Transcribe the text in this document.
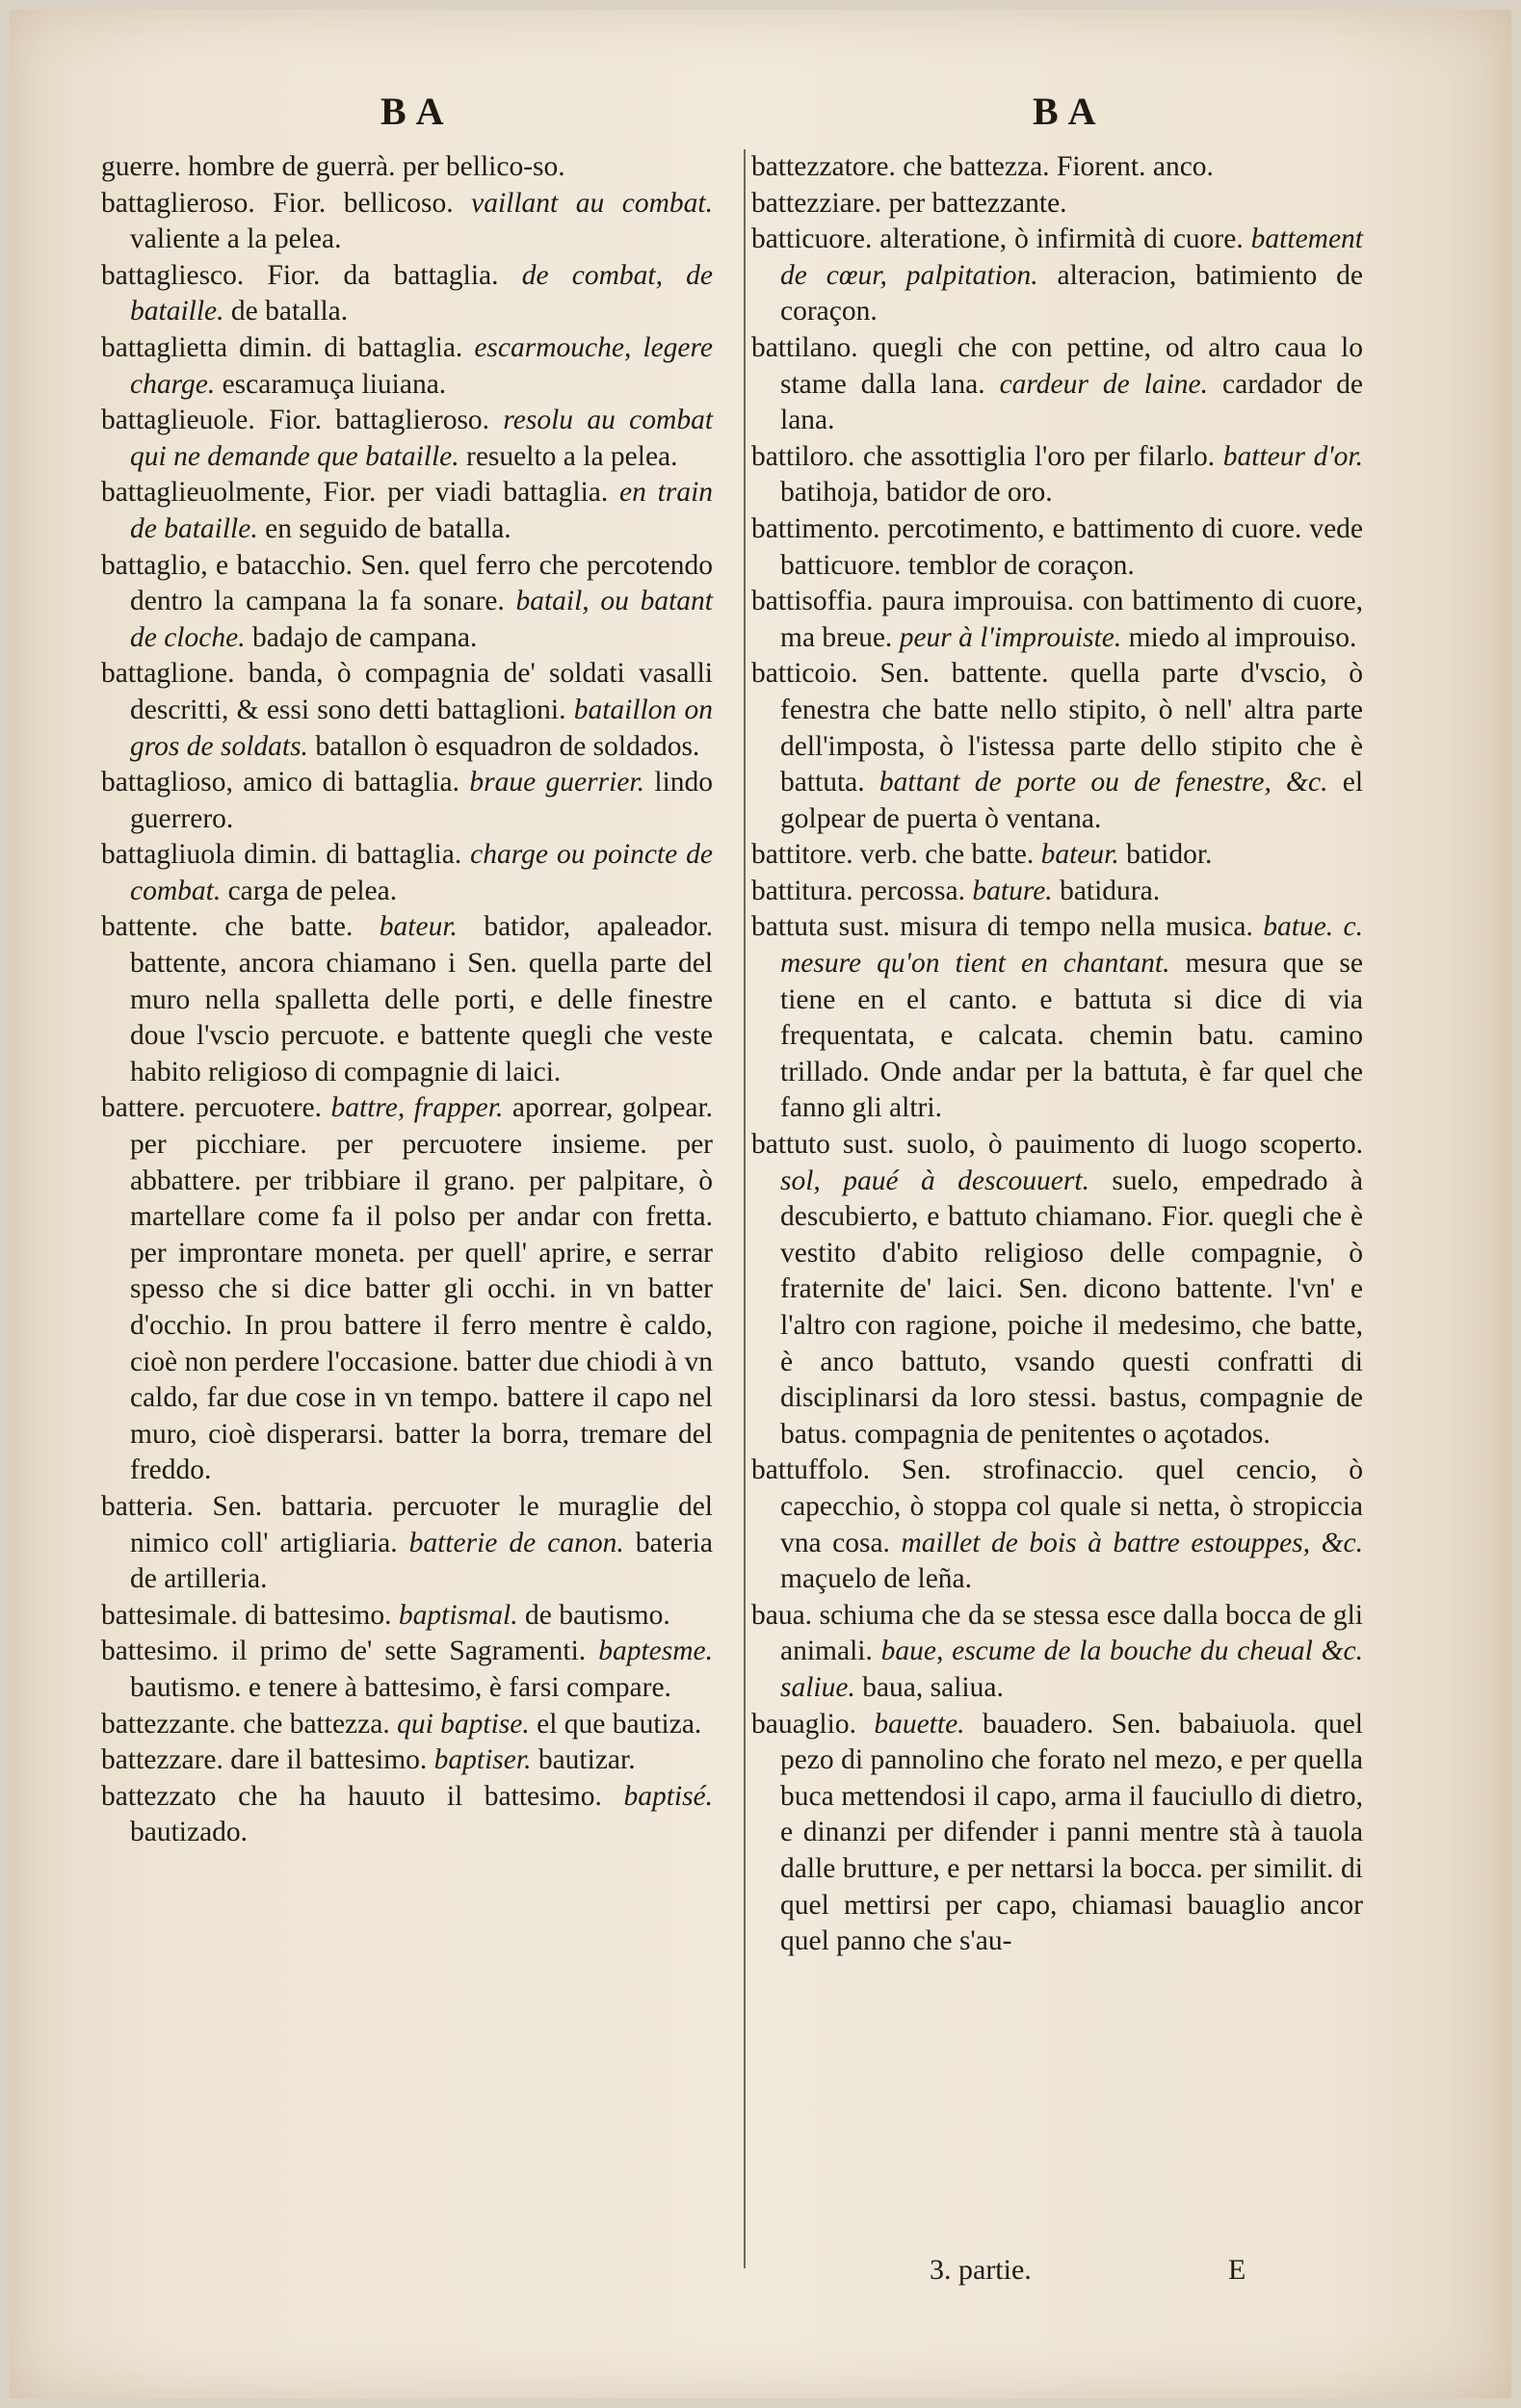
BA	BA

guerre. hombre de guerrà. per bellico-so.

battaglieroso. Fior. bellicoso. vaillant au combat. valiente a la pelea.

battagliesco. Fior. da battaglia. de combat, de bataille. de batalla.

battaglietta dimin. di battaglia. escarmouche, legere charge. escaramuça liuiana.

battaglieuole. Fior. battaglieroso. resolu au combat qui ne demande que bataille. resuelto a la pelea.

battaglieuolmente, Fior. per viadi battaglia. en train de bataille. en seguido de batalla.

battaglio, e batacchio. Sen. quel ferro che percotendo dentro la campana la fa sonare. batail, ou batant de cloche. badajo de campana.

battaglione. banda, ò compagnia de' soldati vasalli descritti, & essi sono detti battaglioni. bataillon on gros de soldats. batallon ò esquadron de soldados.

battaglioso, amico di battaglia. braue guerrier. lindo guerrero.

battagliuola dimin. di battaglia. charge ou poincte de combat. carga de pelea.

battente. che batte. bateur. batidor, apaleador. battente, ancora chiamano i Sen. quella parte del muro nella spalletta delle porti, e delle finestre doue l'vscio percuote. e battente quegli che veste habito religioso di compagnie di laici.

battere. percuotere. battre, frapper. aporrear, golpear. per picchiare. per percuotere insieme. per abbattere. per tribbiare il grano. per palpitare, ò martellare come fa il polso per andar con fretta. per improntare moneta. per quell' aprire, e serrar spesso che si dice batter gli occhi. in vn batter d'occhio. In prou battere il ferro mentre è caldo, cioè non perdere l'occasione. batter due chiodi à vn caldo, far due cose in vn tempo. battere il capo nel muro, cioè disperarsi. batter la borra, tremare del freddo.

batteria. Sen. battaria. percuoter le muraglie del nimico coll' artigliaria. batterie de canon. bateria de artilleria.

battesimale. di battesimo. baptismal. de bautismo.

battesimo. il primo de' sette Sagramenti. baptesme. bautismo. e tenere à battesimo, è farsi compare.

battezzante. che battezza. qui baptise. el que bautiza.

battezzare. dare il battesimo. baptiser. bautizar.

battezzato che ha hauuto il battesimo. baptisé. bautizado.

battezzatore. che battezza. Fiorent. anco.

battezziare. per battezzante.

batticuore. alteratione, ò infirmità di cuore. battement de cœur, palpitation. alteracion, batimiento de coraçon.

battilano. quegli che con pettine, od altro caua lo stame dalla lana. cardeur de laine. cardador de lana.

battiloro. che assottiglia l'oro per filarlo. batteur d'or. batihoja, batidor de oro.

battimento. percotimento, e battimento di cuore. vede batticuore. temblor de coraçon.

battisoffia. paura improuisa. con battimento di cuore, ma breue. peur à l'improuiste. miedo al improuiso.

batticoio. Sen. battente. quella parte d'vscio, ò fenestra che batte nello stipito, ò nell' altra parte dell'imposta, ò l'istessa parte dello stipito che è battuta. battant de porte ou de fenestre, &c. el golpear de puerta ò ventana.

battitore. verb. che batte. bateur. batidor.

battitura. percossa. bature. batidura.

battuta sust. misura di tempo nella musica. batue. c. mesure qu'on tient en chantant. mesura que se tiene en el canto. e battuta si dice di via frequentata, e calcata. chemin batu. camino trillado. Onde andar per la battuta, è far quel che fanno gli altri.

battuto sust. suolo, ò pauimento di luogo scoperto. sol, paué à descouuert. suelo, empedrado à descubierto, e battuto chiamano. Fior. quegli che è vestito d'abito religioso delle compagnie, ò fraternite de' laici. Sen. dicono battente. l'vn' e l'altro con ragione, poiche il medesimo, che batte, è anco battuto, vsando questi confratti di disciplinarsi da loro stessi. bastus, compagnie de batus. compagnia de penitentes o açotados.

battuffolo. Sen. strofinaccio. quel cencio, ò capecchio, ò stoppa col quale si netta, ò stropiccia vna cosa. maillet de bois à battre estouppes, &c. maçuelo de leña.

baua. schiuma che da se stessa esce dalla bocca de gli animali. baue, escume de la bouche du cheual &c. saliue. baua, saliua.

bauaglio. bauette. bauadero. Sen. babaiuola. quel pezo di pannolino che forato nel mezo, e per quella buca mettendosi il capo, arma il fauciullo di dietro, e dinanzi per difender i panni mentre stà à tauola dalle brutture, e per nettarsi la bocca. per similit. di quel mettirsi per capo, chiamasi bauaglio ancor quel panno che s'au-

3. partie.	E
